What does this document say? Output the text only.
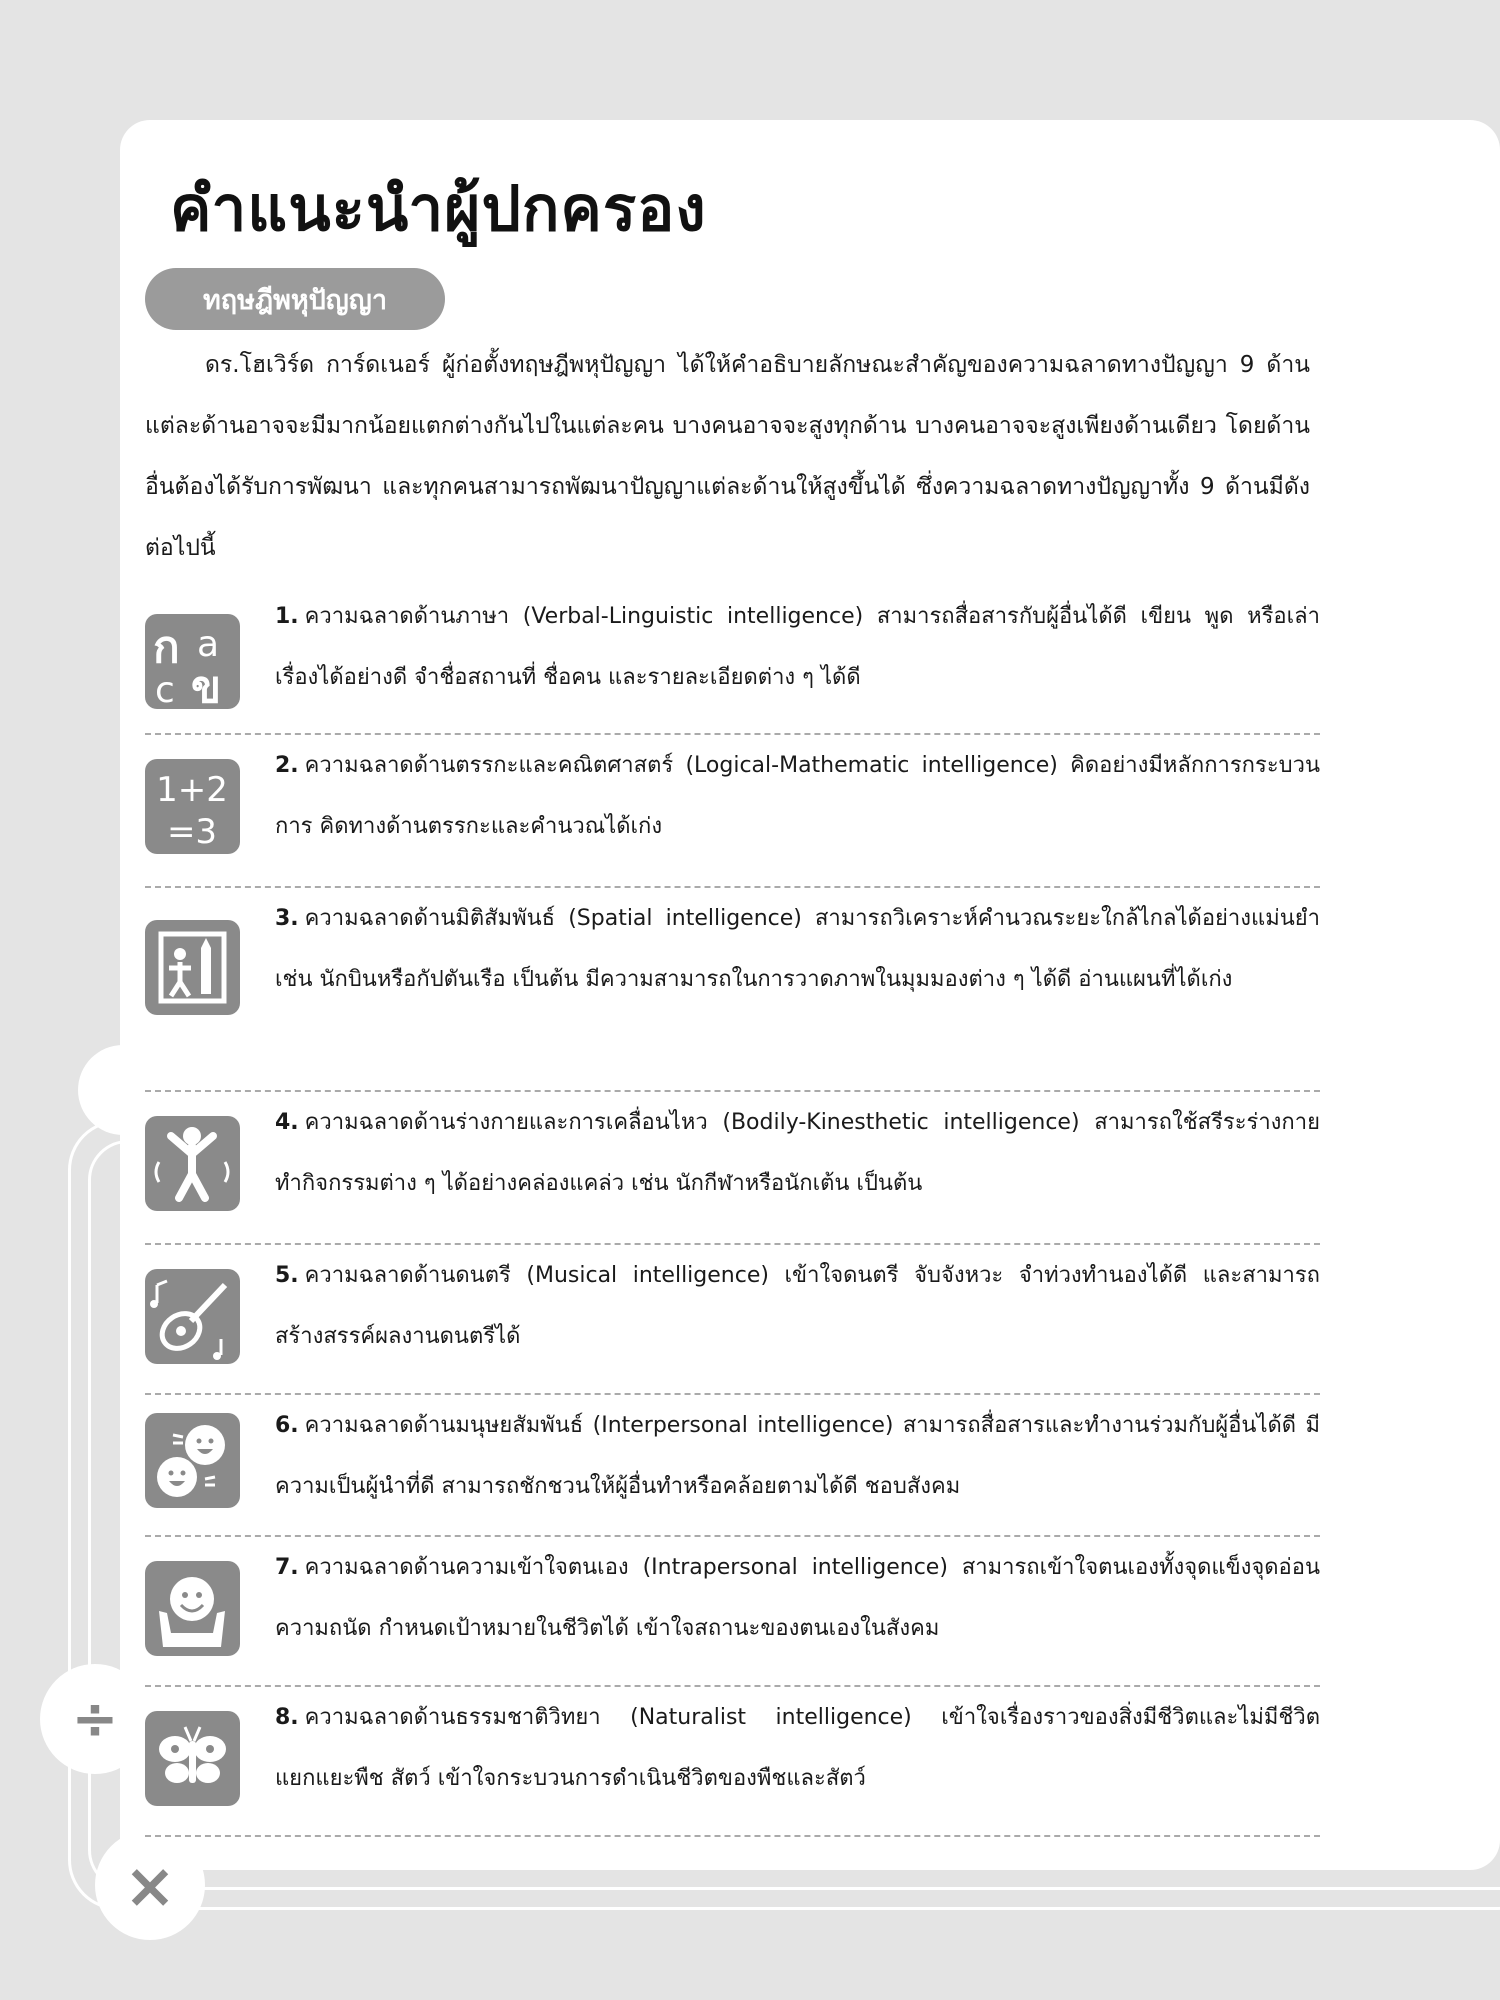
÷
×
คำแนะนำผู้ปกครอง
ทฤษฎีพหุปัญญา

ดร.โฮเวิร์ด การ์ดเนอร์ ผู้ก่อตั้งทฤษฎีพหุปัญญา ได้ให้คำอธิบายลักษณะสำคัญของความฉลาดทางปัญญา 9 ด้าน แต่ละด้านอาจจะมีมากน้อยแตกต่างกันไปในแต่ละคน บางคนอาจจะสูงทุกด้าน บางคนอาจจะสูงเพียงด้านเดียว โดยด้านอื่นต้องได้รับการพัฒนา และทุกคนสามารถพัฒนาปัญญาแต่ละด้านให้สูงขึ้นได้ ซึ่งความฉลาดทางปัญญาทั้ง 9 ด้านมีดังต่อไปนี้

ก a
c ข

1. ความฉลาดด้านภาษา (Verbal-Linguistic intelligence) สามารถสื่อสารกับผู้อื่นได้ดี เขียน พูด หรือเล่าเรื่องได้อย่างดี จำชื่อสถานที่ ชื่อคน และรายละเอียดต่าง ๆ ได้ดี

1+2
=3

2. ความฉลาดด้านตรรกะและคณิตศาสตร์ (Logical-Mathematic intelligence) คิดอย่างมีหลักการกระบวนการ คิดทางด้านตรรกะและคำนวณได้เก่ง

3. ความฉลาดด้านมิติสัมพันธ์ (Spatial intelligence) สามารถวิเคราะห์คำนวณระยะใกล้ไกลได้อย่างแม่นยำ เช่น นักบินหรือกัปตันเรือ เป็นต้น มีความสามารถในการวาดภาพในมุมมองต่าง ๆ ได้ดี อ่านแผนที่ได้เก่ง

4. ความฉลาดด้านร่างกายและการเคลื่อนไหว (Bodily-Kinesthetic intelligence) สามารถใช้สรีระร่างกายทำกิจกรรมต่าง ๆ ได้อย่างคล่องแคล่ว เช่น นักกีฬาหรือนักเต้น เป็นต้น

5. ความฉลาดด้านดนตรี (Musical intelligence) เข้าใจดนตรี จับจังหวะ จำท่วงทำนองได้ดี และสามารถสร้างสรรค์ผลงานดนตรีได้

6. ความฉลาดด้านมนุษยสัมพันธ์ (Interpersonal intelligence) สามารถสื่อสารและทำงานร่วมกับผู้อื่นได้ดี มีความเป็นผู้นำที่ดี สามารถชักชวนให้ผู้อื่นทำหรือคล้อยตามได้ดี ชอบสังคม

7. ความฉลาดด้านความเข้าใจตนเอง (Intrapersonal intelligence) สามารถเข้าใจตนเองทั้งจุดแข็งจุดอ่อน ความถนัด กำหนดเป้าหมายในชีวิตได้ เข้าใจสถานะของตนเองในสังคม

8. ความฉลาดด้านธรรมชาติวิทยา (Naturalist intelligence) เข้าใจเรื่องราวของสิ่งมีชีวิตและไม่มีชีวิต แยกแยะพืช สัตว์ เข้าใจกระบวนการดำเนินชีวิตของพืชและสัตว์
